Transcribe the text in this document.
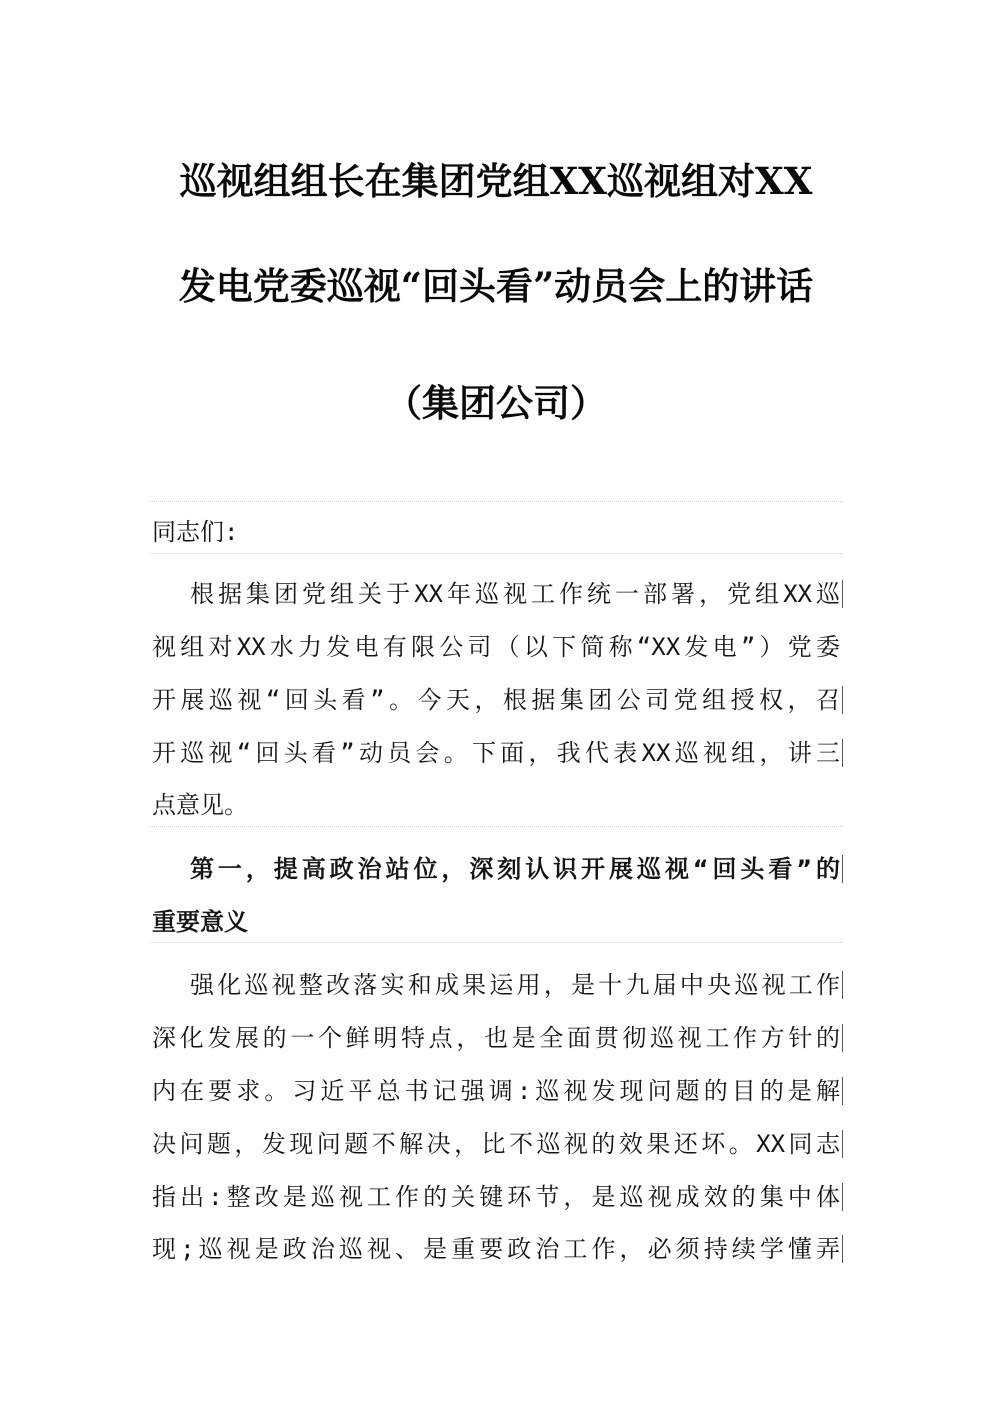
巡视组组长在集团党组XX巡视组对XX
发电党委巡视“回头看”动员会上的讲话
（集团公司）
同志们:
根据集团党组关于XX年巡视工作统一部署，党组XX巡
视组对XX水力发电有限公司（以下简称“XX发电”）党委
开展巡视“回头看”。今天，根据集团公司党组授权，召
开巡视“回头看”动员会。下面，我代表XX巡视组，讲三
点意见。
第一，提高政治站位，深刻认识开展巡视“回头看”的
重要意义
强化巡视整改落实和成果运用，是十九届中央巡视工作
深化发展的一个鲜明特点，也是全面贯彻巡视工作方针的
内在要求。习近平总书记强调:巡视发现问题的目的是解
决问题，发现问题不解决，比不巡视的效果还坏。XX同志
指出:整改是巡视工作的关键环节，是巡视成效的集中体
现;巡视是政治巡视、是重要政治工作，必须持续学懂弄
